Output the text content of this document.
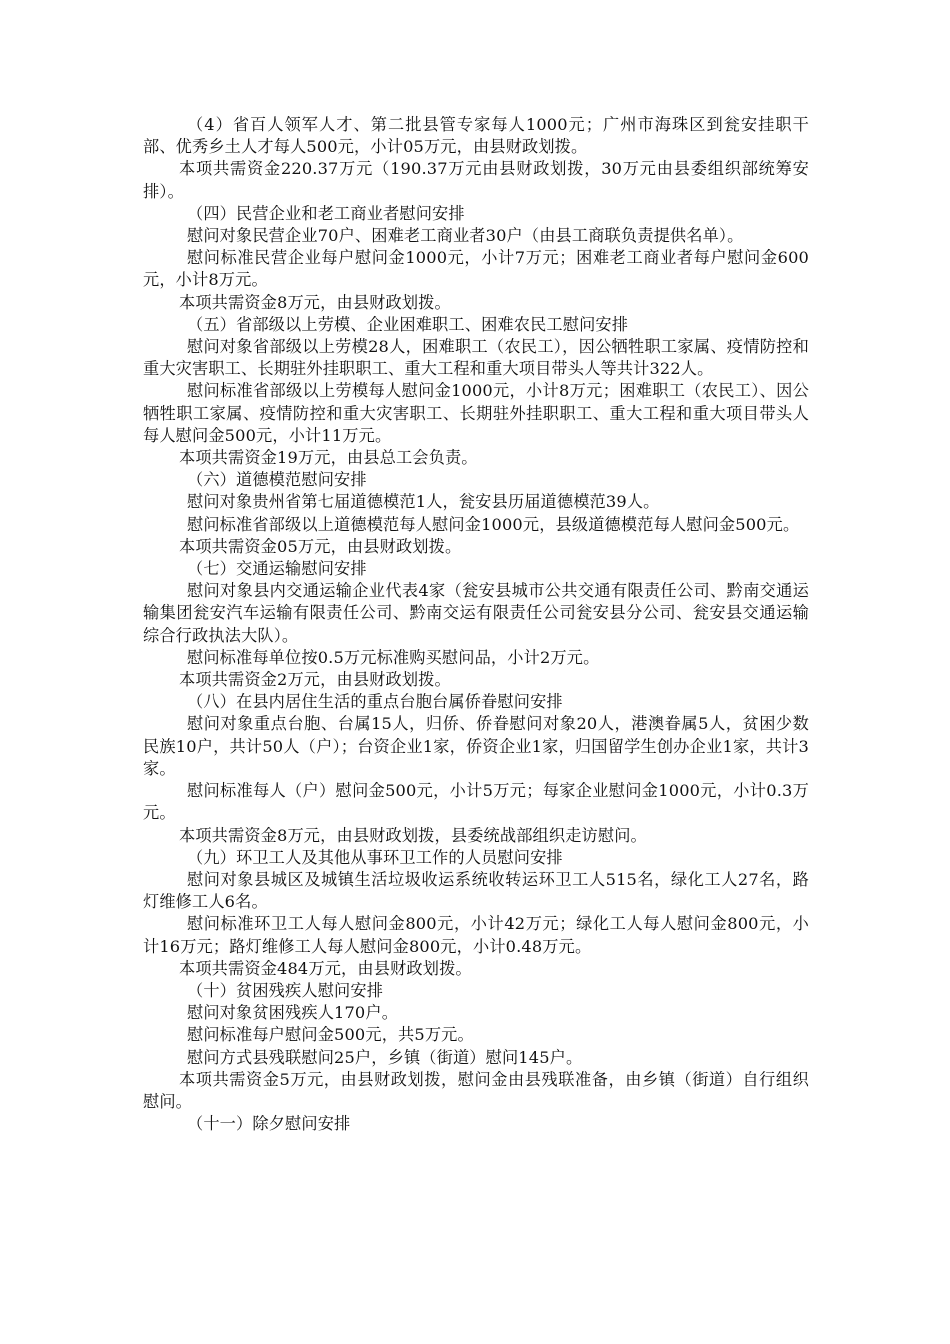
（4）省百人领军人才、第二批县管专家每人1000元；广州市海珠区到瓮安挂职干部、优秀乡土人才每人500元，小计05万元，由县财政划拨。

本项共需资金220.37万元（190.37万元由县财政划拨，30万元由县委组织部统筹安排）。

（四）民营企业和老工商业者慰问安排

慰问对象民营企业70户、困难老工商业者30户（由县工商联负责提供名单）。

慰问标准民营企业每户慰问金1000元，小计7万元；困难老工商业者每户慰问金600元，小计8万元。

本项共需资金8万元，由县财政划拨。

（五）省部级以上劳模、企业困难职工、困难农民工慰问安排

慰问对象省部级以上劳模28人，困难职工（农民工），因公牺牲职工家属、疫情防控和重大灾害职工、长期驻外挂职职工、重大工程和重大项目带头人等共计322人。

慰问标准省部级以上劳模每人慰问金1000元，小计8万元；困难职工（农民工）、因公牺牲职工家属、疫情防控和重大灾害职工、长期驻外挂职职工、重大工程和重大项目带头人每人慰问金500元，小计11万元。

本项共需资金19万元，由县总工会负责。

（六）道德模范慰问安排

慰问对象贵州省第七届道德模范1人，瓮安县历届道德模范39人。

慰问标准省部级以上道德模范每人慰问金1000元，县级道德模范每人慰问金500元。

本项共需资金05万元，由县财政划拨。

（七）交通运输慰问安排

慰问对象县内交通运输企业代表4家（瓮安县城市公共交通有限责任公司、黔南交通运输集团瓮安汽车运输有限责任公司、黔南交运有限责任公司瓮安县分公司、瓮安县交通运输综合行政执法大队）。

慰问标准每单位按0.5万元标准购买慰问品，小计2万元。

本项共需资金2万元，由县财政划拨。

（八）在县内居住生活的重点台胞台属侨眷慰问安排

慰问对象重点台胞、台属15人，归侨、侨眷慰问对象20人，港澳眷属5人，贫困少数民族10户，共计50人（户）；台资企业1家，侨资企业1家，归国留学生创办企业1家，共计3家。

慰问标准每人（户）慰问金500元，小计5万元；每家企业慰问金1000元，小计0.3万元。

本项共需资金8万元，由县财政划拨，县委统战部组织走访慰问。

（九）环卫工人及其他从事环卫工作的人员慰问安排

慰问对象县城区及城镇生活垃圾收运系统收转运环卫工人515名，绿化工人27名，路灯维修工人6名。

慰问标准环卫工人每人慰问金800元，小计42万元；绿化工人每人慰问金800元，小计16万元；路灯维修工人每人慰问金800元，小计0.48万元。

本项共需资金484万元，由县财政划拨。

（十）贫困残疾人慰问安排

慰问对象贫困残疾人170户。

慰问标准每户慰问金500元，共5万元。

慰问方式县残联慰问25户，乡镇（街道）慰问145户。

本项共需资金5万元，由县财政划拨，慰问金由县残联准备，由乡镇（街道）自行组织慰问。

（十一）除夕慰问安排
